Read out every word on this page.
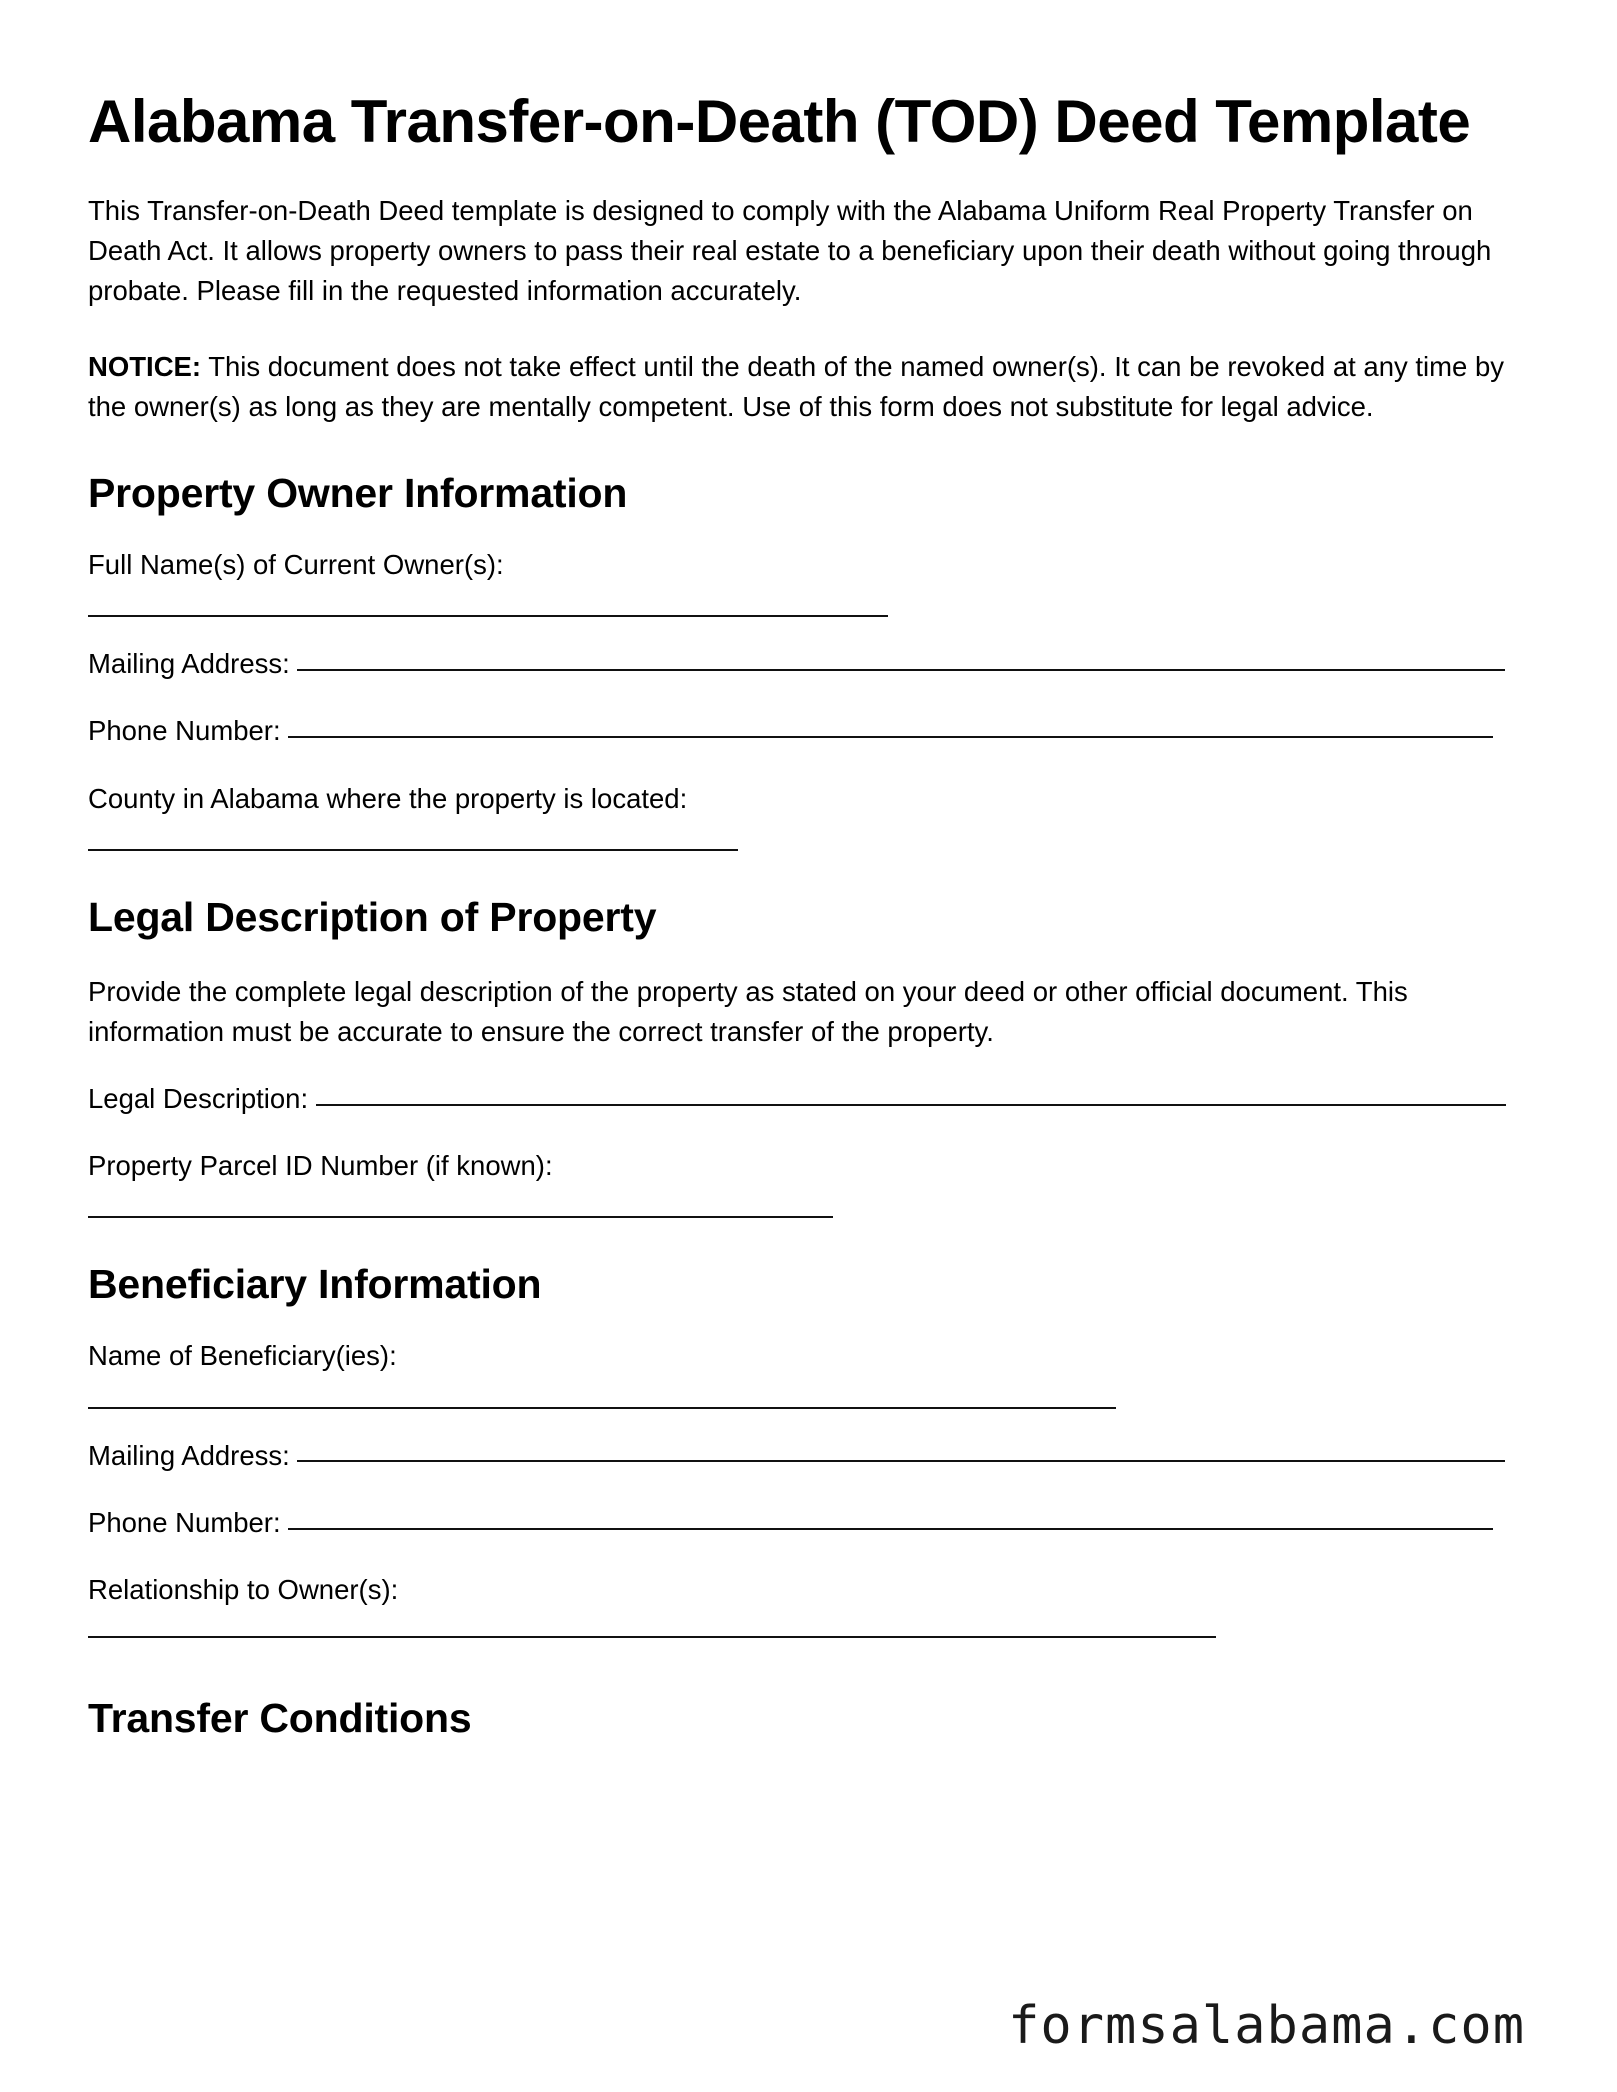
Alabama Transfer-on-Death (TOD) Deed Template

This Transfer-on-Death Deed template is designed to comply with the Alabama Uniform Real Property Transfer on Death Act. It allows property owners to pass their real estate to a beneficiary upon their death without going through probate. Please fill in the requested information accurately.

NOTICE: This document does not take effect until the death of the named owner(s). It can be revoked at any time by the owner(s) as long as they are mentally competent. Use of this form does not substitute for legal advice.

Property Owner Information
Full Name(s) of Current Owner(s):
Mailing Address:
Phone Number:
County in Alabama where the property is located:
Legal Description of Property

Provide the complete legal description of the property as stated on your deed or other official document. This information must be accurate to ensure the correct transfer of the property.

Legal Description:
Property Parcel ID Number (if known):
Beneficiary Information
Name of Beneficiary(ies):
Mailing Address:
Phone Number:
Relationship to Owner(s):
Transfer Conditions
formsalabama.com
